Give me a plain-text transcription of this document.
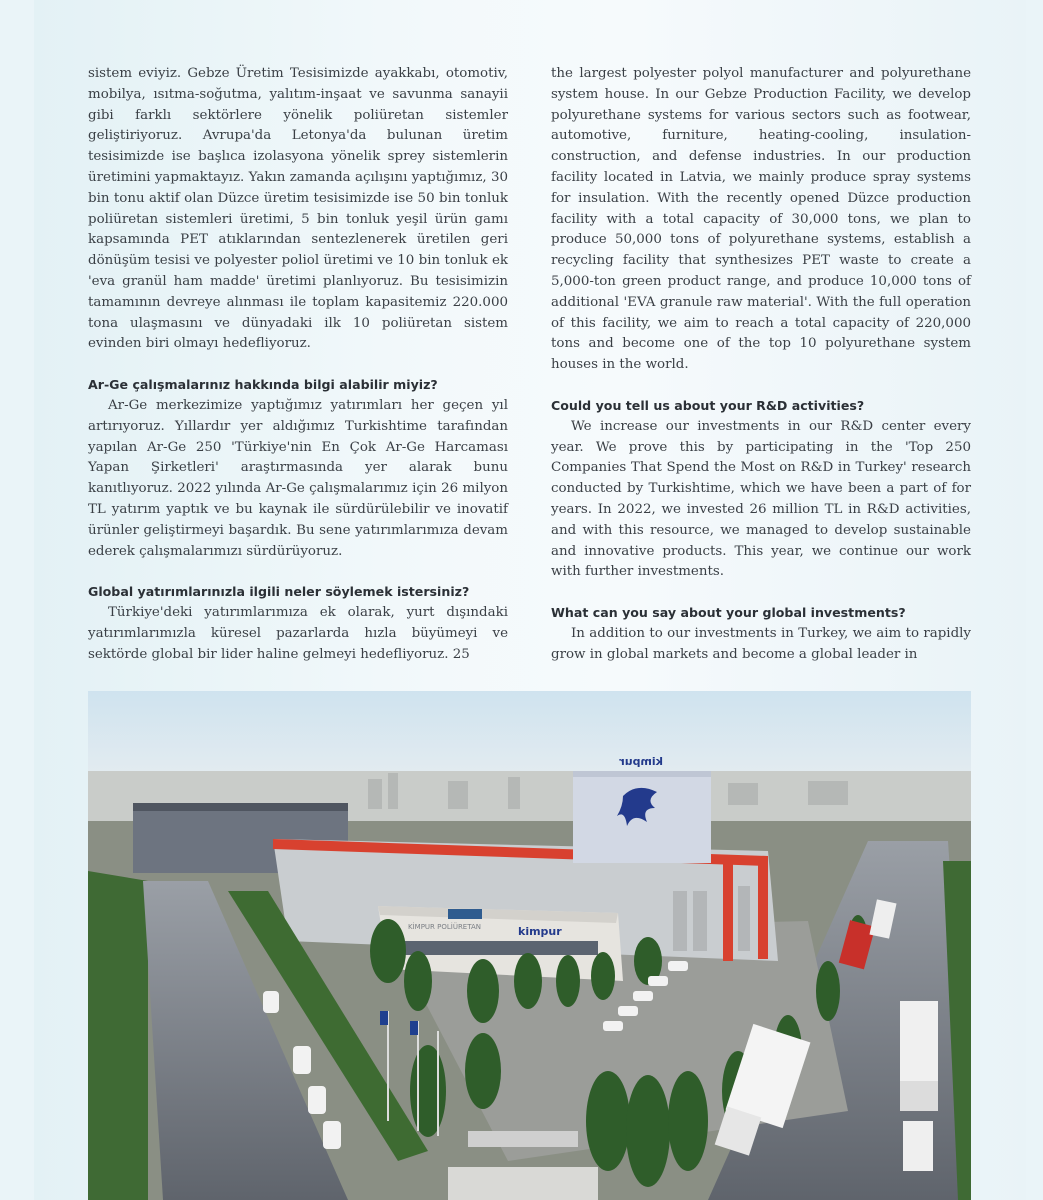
sistem eviyiz. Gebze Üretim Tesisimizde ayakkabı, otomotiv, mobilya, ısıtma-soğutma, yalıtım-inşaat ve savunma sanayii gibi farklı sektörlere yönelik poliüretan sistemler geliştiriyoruz. Avrupa'da Letonya'da bulunan üretim tesisimizde ise başlıca izolasyona yönelik sprey sistemlerin üretimini yapmaktayız. Yakın zamanda açılışını yaptığımız, 30 bin tonu aktif olan Düzce üretim tesisimizde ise 50 bin tonluk poliüretan sistemleri üretimi, 5 bin tonluk yeşil ürün gamı kapsamında PET atıklarından sentezlenerek üretilen geri dönüşüm tesisi ve polyester poliol üretimi ve 10 bin tonluk ek 'eva granül ham madde' üretimi planlıyoruz. Bu tesisimizin tamamının devreye alınması ile toplam kapasitemiz 220.000 tona ulaşmasını ve dünyadaki ilk 10 poliüretan sistem evinden biri olmayı hedefliyoruz.

Ar-Ge çalışmalarınız hakkında bilgi alabilir miyiz?

Ar-Ge merkezimize yaptığımız yatırımları her geçen yıl artırıyoruz. Yıllardır yer aldığımız Turkishtime tarafından yapılan Ar-Ge 250 'Türkiye'nin En Çok Ar-Ge Harcaması Yapan Şirketleri' araştırmasında yer alarak bunu kanıtlıyoruz. 2022 yılında Ar-Ge çalışmalarımız için 26 milyon TL yatırım yaptık ve bu kaynak ile sürdürülebilir ve inovatif ürünler geliştirmeyi başardık. Bu sene yatırımlarımıza devam ederek çalışmalarımızı sürdürüyoruz.

Global yatırımlarınızla ilgili neler söylemek istersiniz?

Türkiye'deki yatırımlarımıza ek olarak, yurt dışındaki yatırımlarımızla küresel pazarlarda hızla büyümeyi ve sektörde global bir lider haline gelmeyi hedefliyoruz. 25

the largest polyester polyol manufacturer and polyurethane system house. In our Gebze Production Facility, we develop polyurethane systems for various sectors such as footwear, automotive, furniture, heating-cooling, insulation-construction, and defense industries. In our production facility located in Latvia, we mainly produce spray systems for insulation. With the recently opened Düzce production facility with a total capacity of 30,000 tons, we plan to produce 50,000 tons of polyurethane systems, establish a recycling facility that synthesizes PET waste to create a 5,000-ton green product range, and produce 10,000 tons of additional 'EVA granule raw material'. With the full operation of this facility, we aim to reach a total capacity of 220,000 tons and become one of the top 10 polyurethane system houses in the world.

Could you tell us about your R&D activities?

We increase our investments in our R&D center every year. We prove this by participating in the 'Top 250 Companies That Spend the Most on R&D in Turkey' research conducted by Turkishtime, which we have been a part of for years. In 2022, we invested 26 million TL in R&D activities, and with this resource, we managed to develop sustainable and innovative products. This year, we continue our work with further investments.

What can you say about your global investments?

In addition to our investments in Turkey, we aim to rapidly grow in global markets and become a global leader in

kimpur
kimpur
KİMPUR POLİÜRETAN
